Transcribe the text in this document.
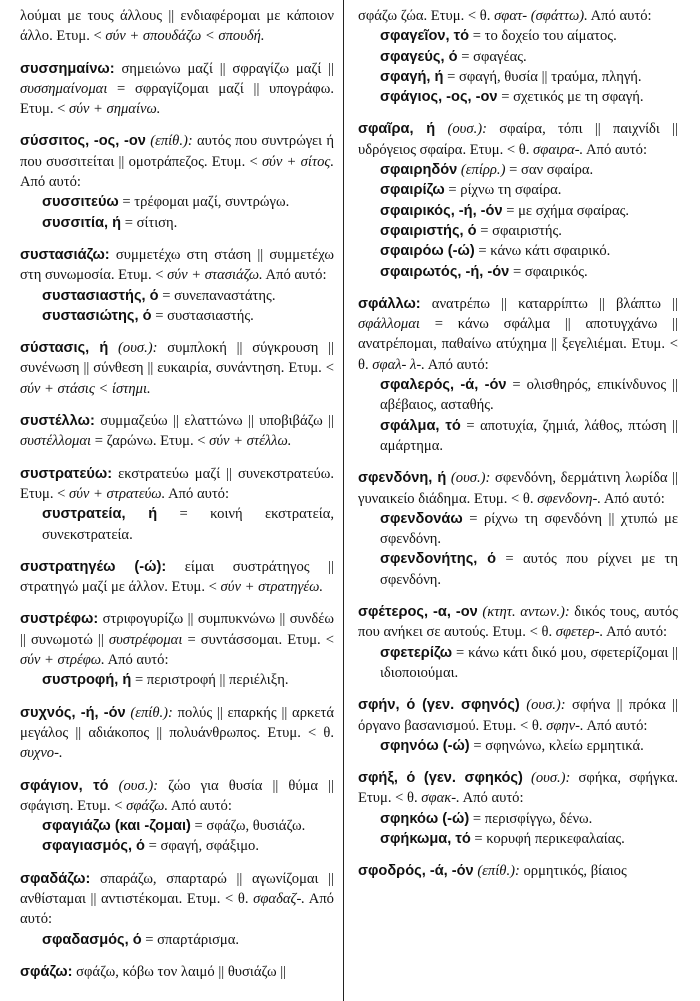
λούμαι με τους άλλους || ενδιαφέρομαι με κάποιον άλλο. Ετυμ. < σύν + σπουδάζω < σπουδή.

συσσημαίνω: σημειώνω μαζί || σφραγίζω μαζί || συσσημαίνομαι = σφραγίζομαι μαζί || υπογράφω. Ετυμ. < σύν + σημαίνω.

σύσσιτος, -ος, -ον (επίθ.): αυτός που συντρώγει ή που συσσιτείται || ομοτράπεζος. Ετυμ. < σύν + σίτος. Από αυτό:

συσσιτεύω = τρέφομαι μαζί, συντρώγω.

συσσιτία, ή = σίτιση.

συστασιάζω: συμμετέχω στη στάση || συμμετέχω στη συνωμοσία. Ετυμ. < σύν + στασιάζω. Από αυτό:

συστασιαστής, ό = συνεπαναστάτης.

συστασιώτης, ό = συστασιαστής.

σύστασις, ή (ουσ.): συμπλοκή || σύγκρουση || συνένωση || σύνθεση || ευκαιρία, συνάντηση. Ετυμ. < σύν + στάσις < ίστημι.

συστέλλω: συμμαζεύω || ελαττώνω || υποβιβάζω || συστέλλομαι = ζαρώνω. Ετυμ. < σύν + στέλλω.

συστρατεύω: εκστρατεύω μαζί || συνεκστρατεύω. Ετυμ. < σύν + στρατεύω. Από αυτό:

συστρατεία, ή = κοινή εκστρατεία, συνεκστρατεία.

συστρατηγέω (-ώ): είμαι συστράτηγος || στρατηγώ μαζί με άλλον. Ετυμ. < σύν + στρατηγέω.

συστρέφω: στριφογυρίζω || συμπυκνώνω || συνδέω || συνωμοτώ || συστρέφομαι = συντάσσομαι. Ετυμ. < σύν + στρέφω. Από αυτό:

συστροφή, ή = περιστροφή || περιέλιξη.

συχνός, -ή, -όν (επίθ.): πολύς || επαρκής || αρκετά μεγάλος || αδιάκοπος || πολυάνθρωπος. Ετυμ. < θ. συχνο-.

σφάγιον, τό (ουσ.): ζώο για θυσία || θύμα || σφάγιση. Ετυμ. < σφάζω. Από αυτό:

σφαγιάζω (και -ζομαι) = σφάζω, θυσιάζω.

σφαγιασμός, ό = σφαγή, σφάξιμο.

σφαδάζω: σπαράζω, σπαρταρώ || αγωνίζομαι || ανθίσταμαι || αντιστέκομαι. Ετυμ. < θ. σφαδαζ-. Από αυτό:

σφαδασμός, ό = σπαρτάρισμα.

σφάζω: σφάζω, κόβω τον λαιμό || θυσιάζω ||

σφάζω ζώα. Ετυμ. < θ. σφατ- (σφάττω). Από αυτό:

σφαγεῖον, τό = το δοχείο του αίματος.

σφαγεύς, ό = σφαγέας.

σφαγή, ή = σφαγή, θυσία || τραύμα, πληγή.

σφάγιος, -ος, -ον = σχετικός με τη σφαγή.

σφαῖρα, ή (ουσ.): σφαίρα, τόπι || παιχνίδι || υδρόγειος σφαίρα. Ετυμ. < θ. σφαιρα-. Από αυτό:

σφαιρηδόν (επίρρ.) = σαν σφαίρα.

σφαιρίζω = ρίχνω τη σφαίρα.

σφαιρικός, -ή, -όν = με σχήμα σφαίρας.

σφαιριστής, ό = σφαιριστής.

σφαιρόω (-ώ) = κάνω κάτι σφαιρικό.

σφαιρωτός, -ή, -όν = σφαιρικός.

σφάλλω: ανατρέπω || καταρρίπτω || βλάπτω || σφάλλομαι = κάνω σφάλμα || αποτυγχάνω || ανατρέπομαι, παθαίνω ατύχημα || ξεγελιέμαι. Ετυμ. < θ. σφαλ- λ-. Από αυτό:

σφαλερός, -ά, -όν = ολισθηρός, επικίνδυνος || αβέβαιος, ασταθής.

σφάλμα, τό = αποτυχία, ζημιά, λάθος, πτώση || αμάρτημα.

σφενδόνη, ή (ουσ.): σφενδόνη, δερμάτινη λωρίδα || γυναικείο διάδημα. Ετυμ. < θ. σφενδονη-. Από αυτό:

σφενδονάω = ρίχνω τη σφενδόνη || χτυπώ με σφενδόνη.

σφενδονήτης, ό = αυτός που ρίχνει με τη σφενδόνη.

σφέτερος, -α, -ον (κτητ. αντων.): δικός τους, αυτός που ανήκει σε αυτούς. Ετυμ. < θ. σφετερ-. Από αυτό:

σφετερίζω = κάνω κάτι δικό μου, σφετερίζομαι || ιδιοποιούμαι.

σφήν, ό (γεν. σφηνός) (ουσ.): σφήνα || πρόκα || όργανο βασανισμού. Ετυμ. < θ. σφην-. Από αυτό:

σφηνόω (-ώ) = σφηνώνω, κλείω ερμητικά.

σφήξ, ό (γεν. σφηκός) (ουσ.): σφήκα, σφήγκα. Ετυμ. < θ. σφακ-. Από αυτό:

σφηκόω (-ώ) = περισφίγγω, δένω.

σφήκωμα, τό = κορυφή περικεφαλαίας.

σφοδρός, -ά, -όν (επίθ.): ορμητικός, βίαιος
